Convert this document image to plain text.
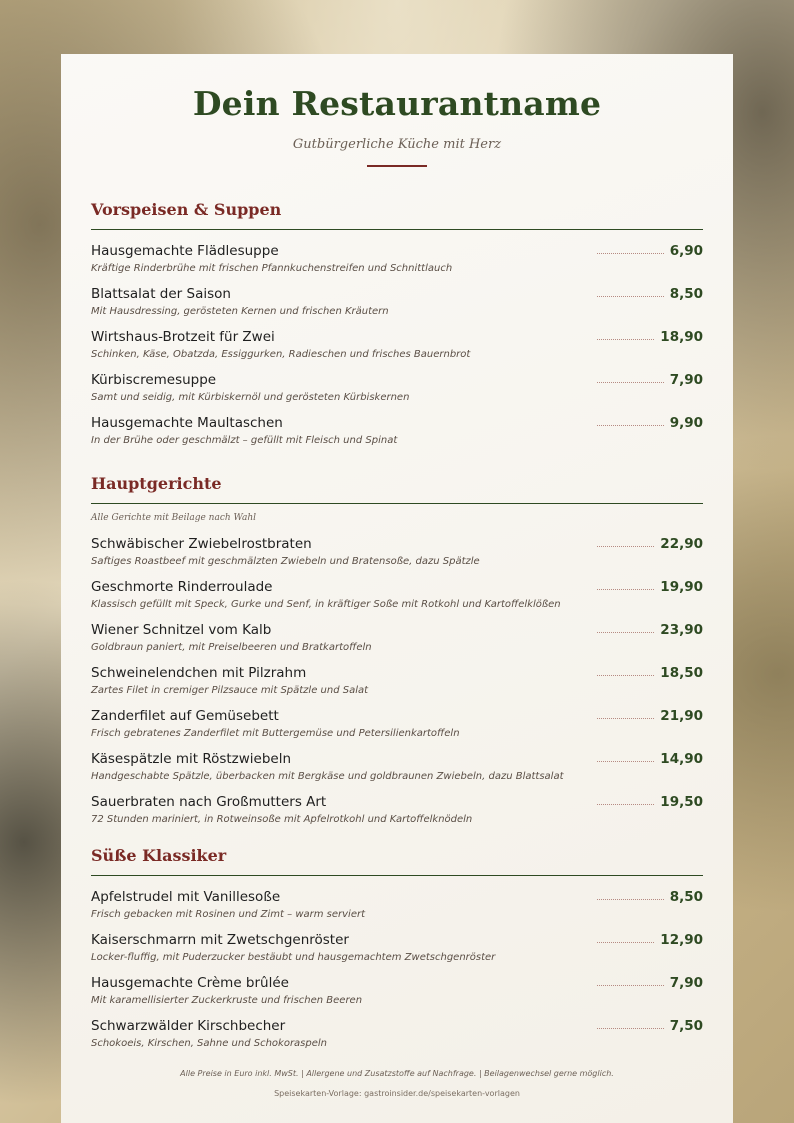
Dein Restaurantname
Gutbürgerliche Küche mit Herz
Vorspeisen & Suppen
Hausgemachte Flädlesuppe
Kräftige Rinderbrühe mit frischen Pfannkuchenstreifen und Schnittlauch
6,90
Blattsalat der Saison
Mit Hausdressing, gerösteten Kernen und frischen Kräutern
8,50
Wirtshaus-Brotzeit für Zwei
Schinken, Käse, Obatzda, Essiggurken, Radieschen und frisches Bauernbrot
18,90
Kürbiscremesuppe
Samt und seidig, mit Kürbiskernöl und gerösteten Kürbiskernen
7,90
Hausgemachte Maultaschen
In der Brühe oder geschmälzt – gefüllt mit Fleisch und Spinat
9,90
Hauptgerichte
Alle Gerichte mit Beilage nach Wahl
Schwäbischer Zwiebelrostbraten
Saftiges Roastbeef mit geschmälzten Zwiebeln und Bratensoße, dazu Spätzle
22,90
Geschmorte Rinderroulade
Klassisch gefüllt mit Speck, Gurke und Senf, in kräftiger Soße mit Rotkohl und Kartoffelklößen
19,90
Wiener Schnitzel vom Kalb
Goldbraun paniert, mit Preiselbeeren und Bratkartoffeln
23,90
Schweinelendchen mit Pilzrahm
Zartes Filet in cremiger Pilzsauce mit Spätzle und Salat
18,50
Zanderfilet auf Gemüsebett
Frisch gebratenes Zanderfilet mit Buttergemüse und Petersilienkartoffeln
21,90
Käsespätzle mit Röstzwiebeln
Handgeschabte Spätzle, überbacken mit Bergkäse und goldbraunen Zwiebeln, dazu Blattsalat
14,90
Sauerbraten nach Großmutters Art
72 Stunden mariniert, in Rotweinsoße mit Apfelrotkohl und Kartoffelknödeln
19,50
Süße Klassiker
Apfelstrudel mit Vanillesoße
Frisch gebacken mit Rosinen und Zimt – warm serviert
8,50
Kaiserschmarrn mit Zwetschgenröster
Locker-fluffig, mit Puderzucker bestäubt und hausgemachtem Zwetschgenröster
12,90
Hausgemachte Crème brûlée
Mit karamellisierter Zuckerkruste und frischen Beeren
7,90
Schwarzwälder Kirschbecher
Schokoeis, Kirschen, Sahne und Schokoraspeln
7,50
Alle Preise in Euro inkl. MwSt. | Allergene und Zusatzstoffe auf Nachfrage. | Beilagenwechsel gerne möglich.
Speisekarten-Vorlage: gastroinsider.de/speisekarten-vorlagen
